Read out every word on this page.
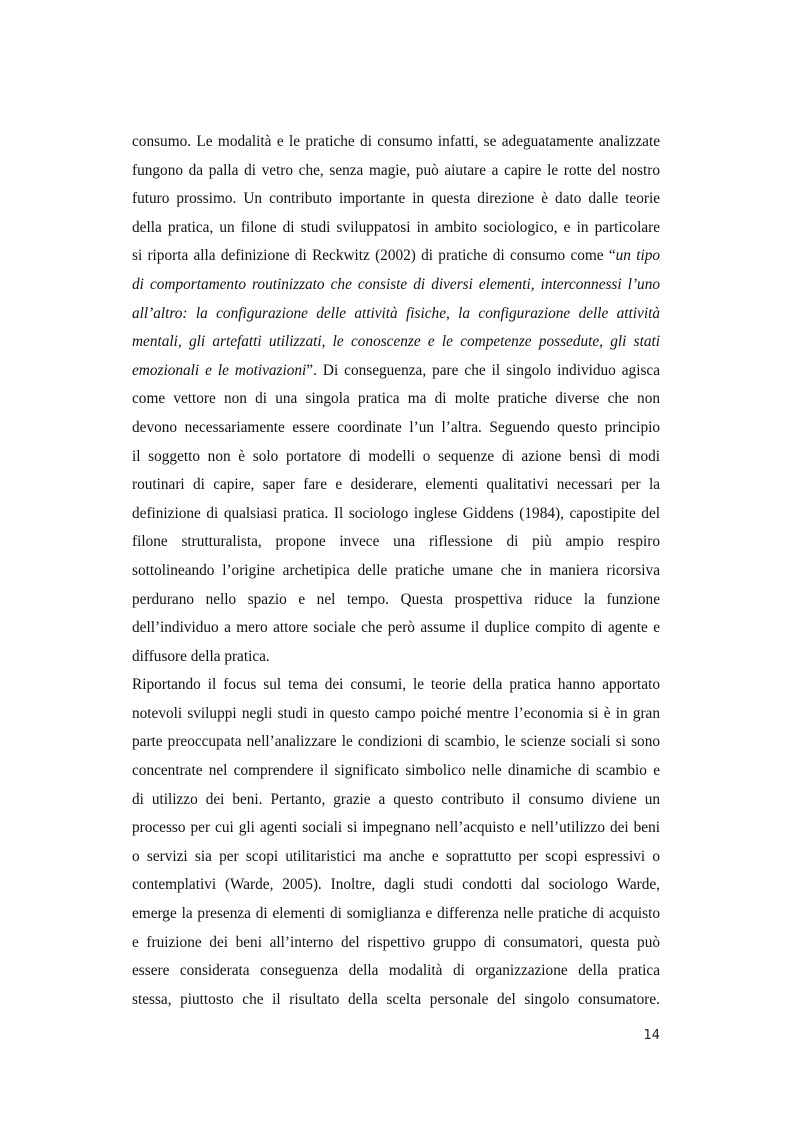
consumo. Le modalità e le pratiche di consumo infatti, se adeguatamente analizzate
fungono da palla di vetro che, senza magie, può aiutare a capire le rotte del nostro
futuro prossimo. Un contributo importante in questa direzione è dato dalle teorie
della pratica, un filone di studi sviluppatosi in ambito sociologico, e in particolare
si riporta alla definizione di Reckwitz (2002) di pratiche di consumo come “un tipo
di comportamento routinizzato che consiste di diversi elementi, interconnessi l’uno
all’altro: la configurazione delle attività fisiche, la configurazione delle attività
mentali, gli artefatti utilizzati, le conoscenze e le competenze possedute, gli stati
emozionali e le motivazioni”. Di conseguenza, pare che il singolo individuo agisca
come vettore non di una singola pratica ma di molte pratiche diverse che non
devono necessariamente essere coordinate l’un l’altra. Seguendo questo principio
il soggetto non è solo portatore di modelli o sequenze di azione bensì di modi
routinari di capire, saper fare e desiderare, elementi qualitativi necessari per la
definizione di qualsiasi pratica. Il sociologo inglese Giddens (1984), capostipite del
filone strutturalista, propone invece una riflessione di più ampio respiro
sottolineando l’origine archetipica delle pratiche umane che in maniera ricorsiva
perdurano nello spazio e nel tempo. Questa prospettiva riduce la funzione
dell’individuo a mero attore sociale che però assume il duplice compito di agente e
diffusore della pratica.
Riportando il focus sul tema dei consumi, le teorie della pratica hanno apportato
notevoli sviluppi negli studi in questo campo poiché mentre l’economia si è in gran
parte preoccupata nell’analizzare le condizioni di scambio, le scienze sociali si sono
concentrate nel comprendere il significato simbolico nelle dinamiche di scambio e
di utilizzo dei beni. Pertanto, grazie a questo contributo il consumo diviene un
processo per cui gli agenti sociali si impegnano nell’acquisto e nell’utilizzo dei beni
o servizi sia per scopi utilitaristici ma anche e soprattutto per scopi espressivi o
contemplativi (Warde, 2005). Inoltre, dagli studi condotti dal sociologo Warde,
emerge la presenza di elementi di somiglianza e differenza nelle pratiche di acquisto
e fruizione dei beni all’interno del rispettivo gruppo di consumatori, questa può
essere considerata conseguenza della modalità di organizzazione della pratica
stessa, piuttosto che il risultato della scelta personale del singolo consumatore.
14
